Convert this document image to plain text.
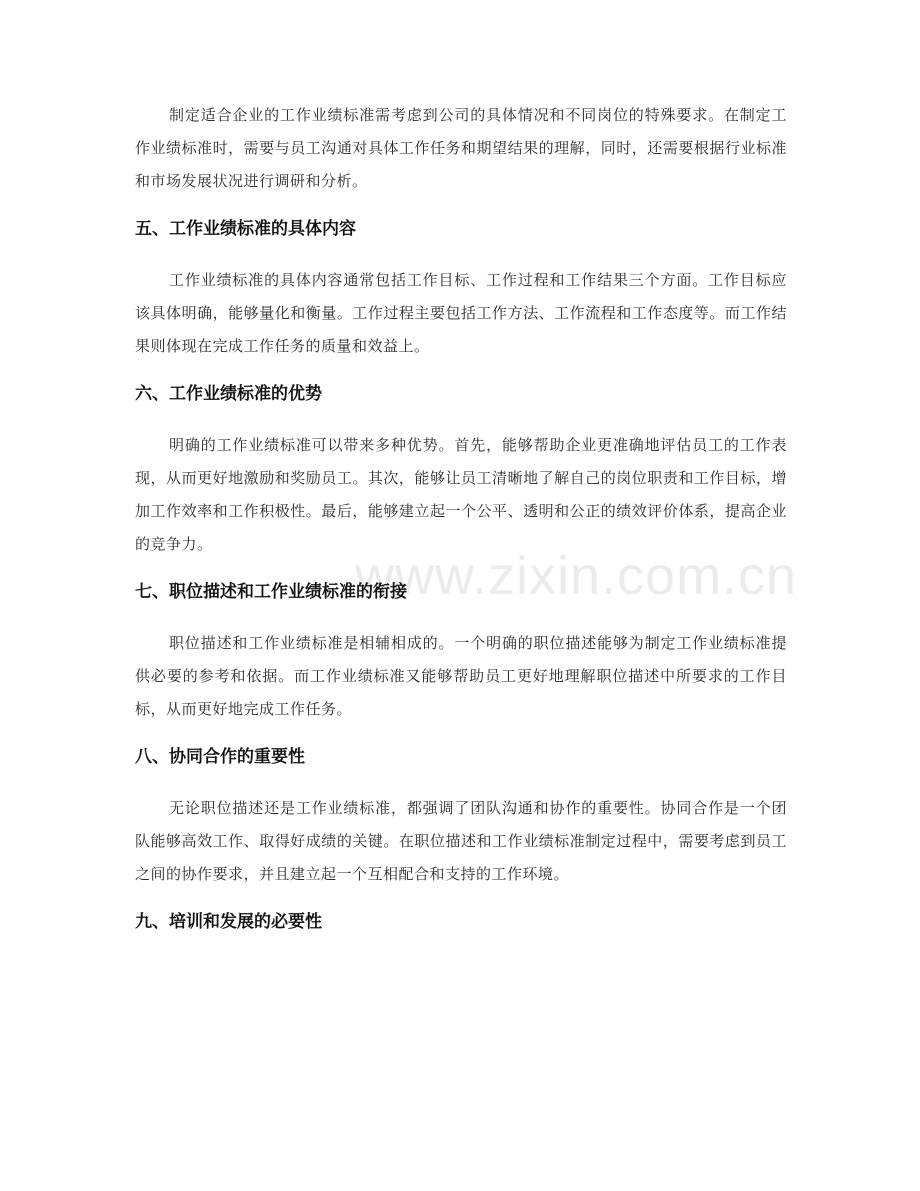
制定适合企业的工作业绩标准需考虑到公司的具体情况和不同岗位的特殊要求。在制定工作业绩标准时，需要与员工沟通对具体工作任务和期望结果的理解，同时，还需要根据行业标准和市场发展状况进行调研和分析。

五、工作业绩标准的具体内容

工作业绩标准的具体内容通常包括工作目标、工作过程和工作结果三个方面。工作目标应该具体明确，能够量化和衡量。工作过程主要包括工作方法、工作流程和工作态度等。而工作结果则体现在完成工作任务的质量和效益上。

六、工作业绩标准的优势

明确的工作业绩标准可以带来多种优势。首先，能够帮助企业更准确地评估员工的工作表现，从而更好地激励和奖励员工。其次，能够让员工清晰地了解自己的岗位职责和工作目标，增加工作效率和工作积极性。最后，能够建立起一个公平、透明和公正的绩效评价体系，提高企业的竞争力。

七、职位描述和工作业绩标准的衔接

职位描述和工作业绩标准是相辅相成的。一个明确的职位描述能够为制定工作业绩标准提供必要的参考和依据。而工作业绩标准又能够帮助员工更好地理解职位描述中所要求的工作目标，从而更好地完成工作任务。

八、协同合作的重要性

无论职位描述还是工作业绩标准，都强调了团队沟通和协作的重要性。协同合作是一个团队能够高效工作、取得好成绩的关键。在职位描述和工作业绩标准制定过程中，需要考虑到员工之间的协作要求，并且建立起一个互相配合和支持的工作环境。

九、培训和发展的必要性
www.zixin.com.cn
